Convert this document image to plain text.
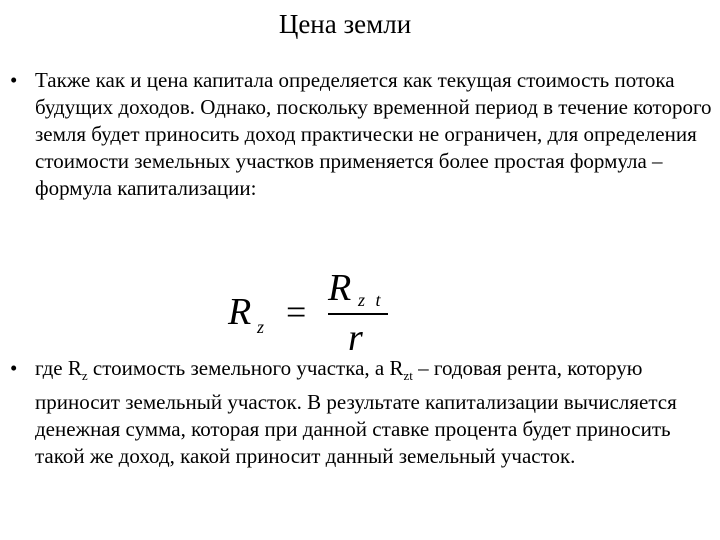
Цена земли
• Также как и цена капитала определяется как текущая стоимость потока будущих доходов. Однако, поскольку временной период в течение которого земля будет приносить доход практически не ограничен, для определения стоимости земельных участков применяется более простая формула – формула капитализации:
R z =
R z t
r
• где $R_z$ стоимость земельного участка, а $R_{zt}$ – годовая рента, которую приносит земельный участок. В результате капитализации вычисляется денежная сумма, которая при данной ставке процента будет приносить такой же доход, какой приносит данный земельный участок.
